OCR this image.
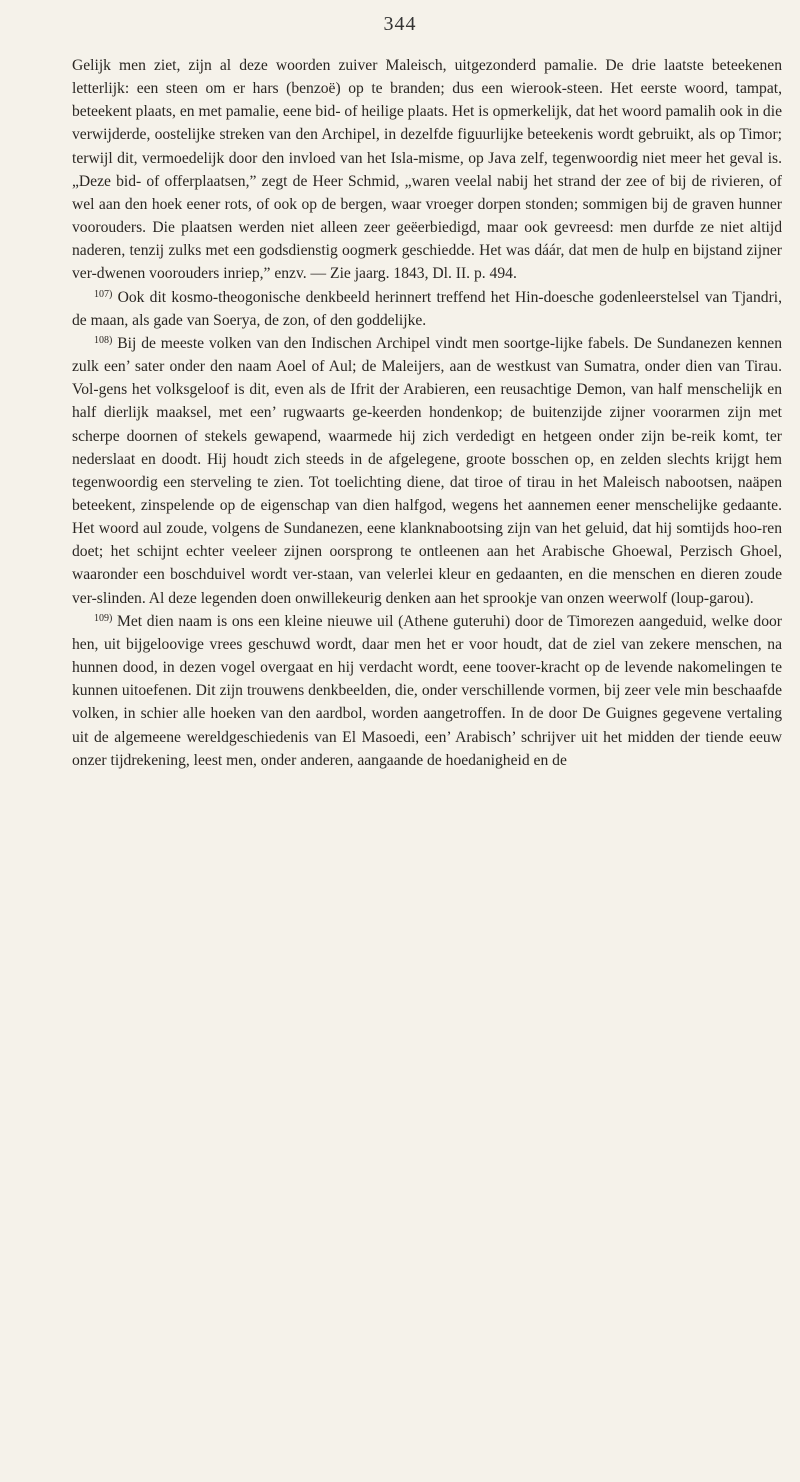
344

Gelijk men ziet, zijn al deze woorden zuiver Maleisch, uitgezonderd pamalie. De drie laatste beteekenen letterlijk: een steen om er hars (benzoë) op te branden; dus een wierook-steen. Het eerste woord, tampat, beteekent plaats, en met pamalie, eene bid- of heilige plaats. Het is opmerkelijk, dat het woord pamalih ook in die verwijderde, oostelijke streken van den Archipel, in dezelfde figuurlijke beteekenis wordt gebruikt, als op Timor; terwijl dit, vermoedelijk door den invloed van het Isla-misme, op Java zelf, tegenwoordig niet meer het geval is. „Deze bid- of offerplaatsen,” zegt de Heer Schmid, „waren veelal nabij het strand der zee of bij de rivieren, of wel aan den hoek eener rots, of ook op de bergen, waar vroeger dorpen stonden; sommigen bij de graven hunner voorouders. Die plaatsen werden niet alleen zeer geëerbiedigd, maar ook gevreesd: men durfde ze niet altijd naderen, tenzij zulks met een godsdienstig oogmerk geschiedde. Het was dáár, dat men de hulp en bijstand zijner ver-dwenen voorouders inriep,” enzv. — Zie jaarg. 1843, Dl. II. p. 494.

$^{107)}$ Ook dit kosmo-theogonische denkbeeld herinnert treffend het Hin-doesche godenleerstelsel van Tjandri, de maan, als gade van Soerya, de zon, of den goddelijke.

$^{108)}$ Bij de meeste volken van den Indischen Archipel vindt men soortge-lijke fabels. De Sundanezen kennen zulk een’ sater onder den naam Aoel of Aul; de Maleijers, aan de westkust van Sumatra, onder dien van Tirau. Vol-gens het volksgeloof is dit, even als de Ifrit der Arabieren, een reusachtige Demon, van half menschelijk en half dierlijk maaksel, met een’ rugwaarts ge-keerden hondenkop; de buitenzijde zijner voorarmen zijn met scherpe doornen of stekels gewapend, waarmede hij zich verdedigt en hetgeen onder zijn be-reik komt, ter nederslaat en doodt. Hij houdt zich steeds in de afgelegene, groote bosschen op, en zelden slechts krijgt hem tegenwoordig een sterveling te zien. Tot toelichting diene, dat tiroe of tirau in het Maleisch nabootsen, naäpen beteekent, zinspelende op de eigenschap van dien halfgod, wegens het aannemen eener menschelijke gedaante. Het woord aul zoude, volgens de Sundanezen, eene klanknabootsing zijn van het geluid, dat hij somtijds hoo-ren doet; het schijnt echter veeleer zijnen oorsprong te ontleenen aan het Arabische Ghoewal, Perzisch Ghoel, waaronder een boschduivel wordt ver-staan, van velerlei kleur en gedaanten, en die menschen en dieren zoude ver-slinden. Al deze legenden doen onwillekeurig denken aan het sprookje van onzen weerwolf (loup-garou).

$^{109)}$ Met dien naam is ons een kleine nieuwe uil (Athene guteruhi) door de Timorezen aangeduid, welke door hen, uit bijgeloovige vrees geschuwd wordt, daar men het er voor houdt, dat de ziel van zekere menschen, na hunnen dood, in dezen vogel overgaat en hij verdacht wordt, eene toover-kracht op de levende nakomelingen te kunnen uitoefenen. Dit zijn trouwens denkbeelden, die, onder verschillende vormen, bij zeer vele min beschaafde volken, in schier alle hoeken van den aardbol, worden aangetroffen. In de door De Guignes gegevene vertaling uit de algemeene wereldgeschiedenis van El Masoedi, een’ Arabisch’ schrijver uit het midden der tiende eeuw onzer tijdrekening, leest men, onder anderen, aangaande de hoedanigheid en de
